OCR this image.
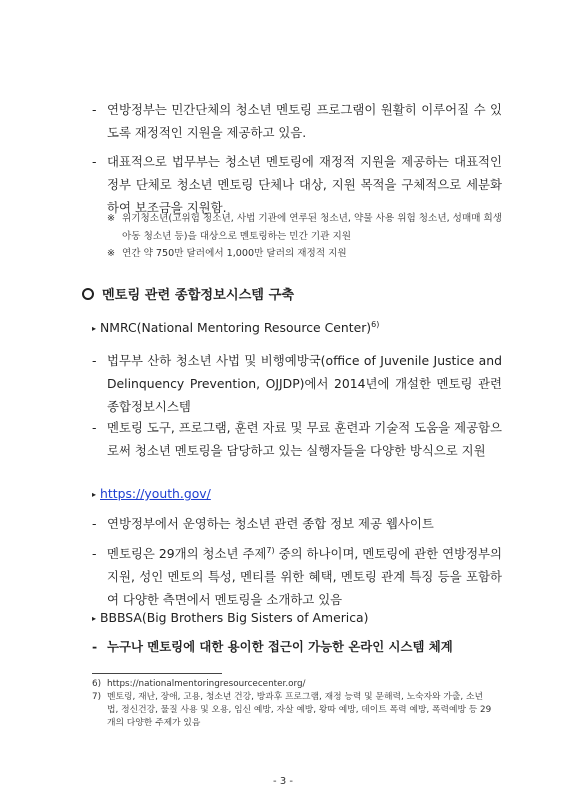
- 연방정부는 민간단체의 청소년 멘토링 프로그램이 원활히 이루어질 수 있도록 재정적인 지원을 제공하고 있음.
- 대표적으로 법무부는 청소년 멘토링에 재정적 지원을 제공하는 대표적인 정부 단체로 청소년 멘토링 단체나 대상, 지원 목적을 구체적으로 세분화하여 보조금을 지원함.
※ 위기청소년(고위험 청소년, 사법 기관에 연루된 청소년, 약물 사용 위험 청소년, 성매매 희생 아동 청소년 등)을 대상으로 멘토링하는 민간 기관 지원
※ 연간 약 750만 달러에서 1,000만 달러의 재정적 지원
멘토링 관련 종합정보시스템 구축
▸ NMRC(National Mentoring Resource Center)$^{6)}$
- 법무부 산하 청소년 사법 및 비행예방국(office of Juvenile Justice and Delinquency Prevention, OJJDP)에서 2014년에 개설한 멘토링 관련 종합정보시스템
- 멘토링 도구, 프로그램, 훈련 자료 및 무료 훈련과 기술적 도움을 제공함으로써 청소년 멘토링을 담당하고 있는 실행자들을 다양한 방식으로 지원
▸ https://youth.gov/
- 연방정부에서 운영하는 청소년 관련 종합 정보 제공 웹사이트
- 멘토링은 29개의 청소년 주제$^{7)}$ 중의 하나이며, 멘토링에 관한 연방정부의 지원, 성인 멘토의 특성, 멘티를 위한 혜택, 멘토링 관계 특징 등을 포함하여 다양한 측면에서 멘토링을 소개하고 있음
▸ BBBSA(Big Brothers Big Sisters of America)
- 누구나 멘토링에 대한 용이한 접근이 가능한 온라인 시스템 체계
6) https://nationalmentoringresourcecenter.org/
7) 멘토링, 재난, 장애, 고용, 청소년 건강, 방과후 프로그램, 재정 능력 및 문해력, 노숙자와 가출, 소년법, 정신건강, 물질 사용 및 오용, 임신 예방, 자살 예방, 왕따 예방, 데이트 폭력 예방, 폭력예방 등 29개의 다양한 주제가 있음
- 3 -
